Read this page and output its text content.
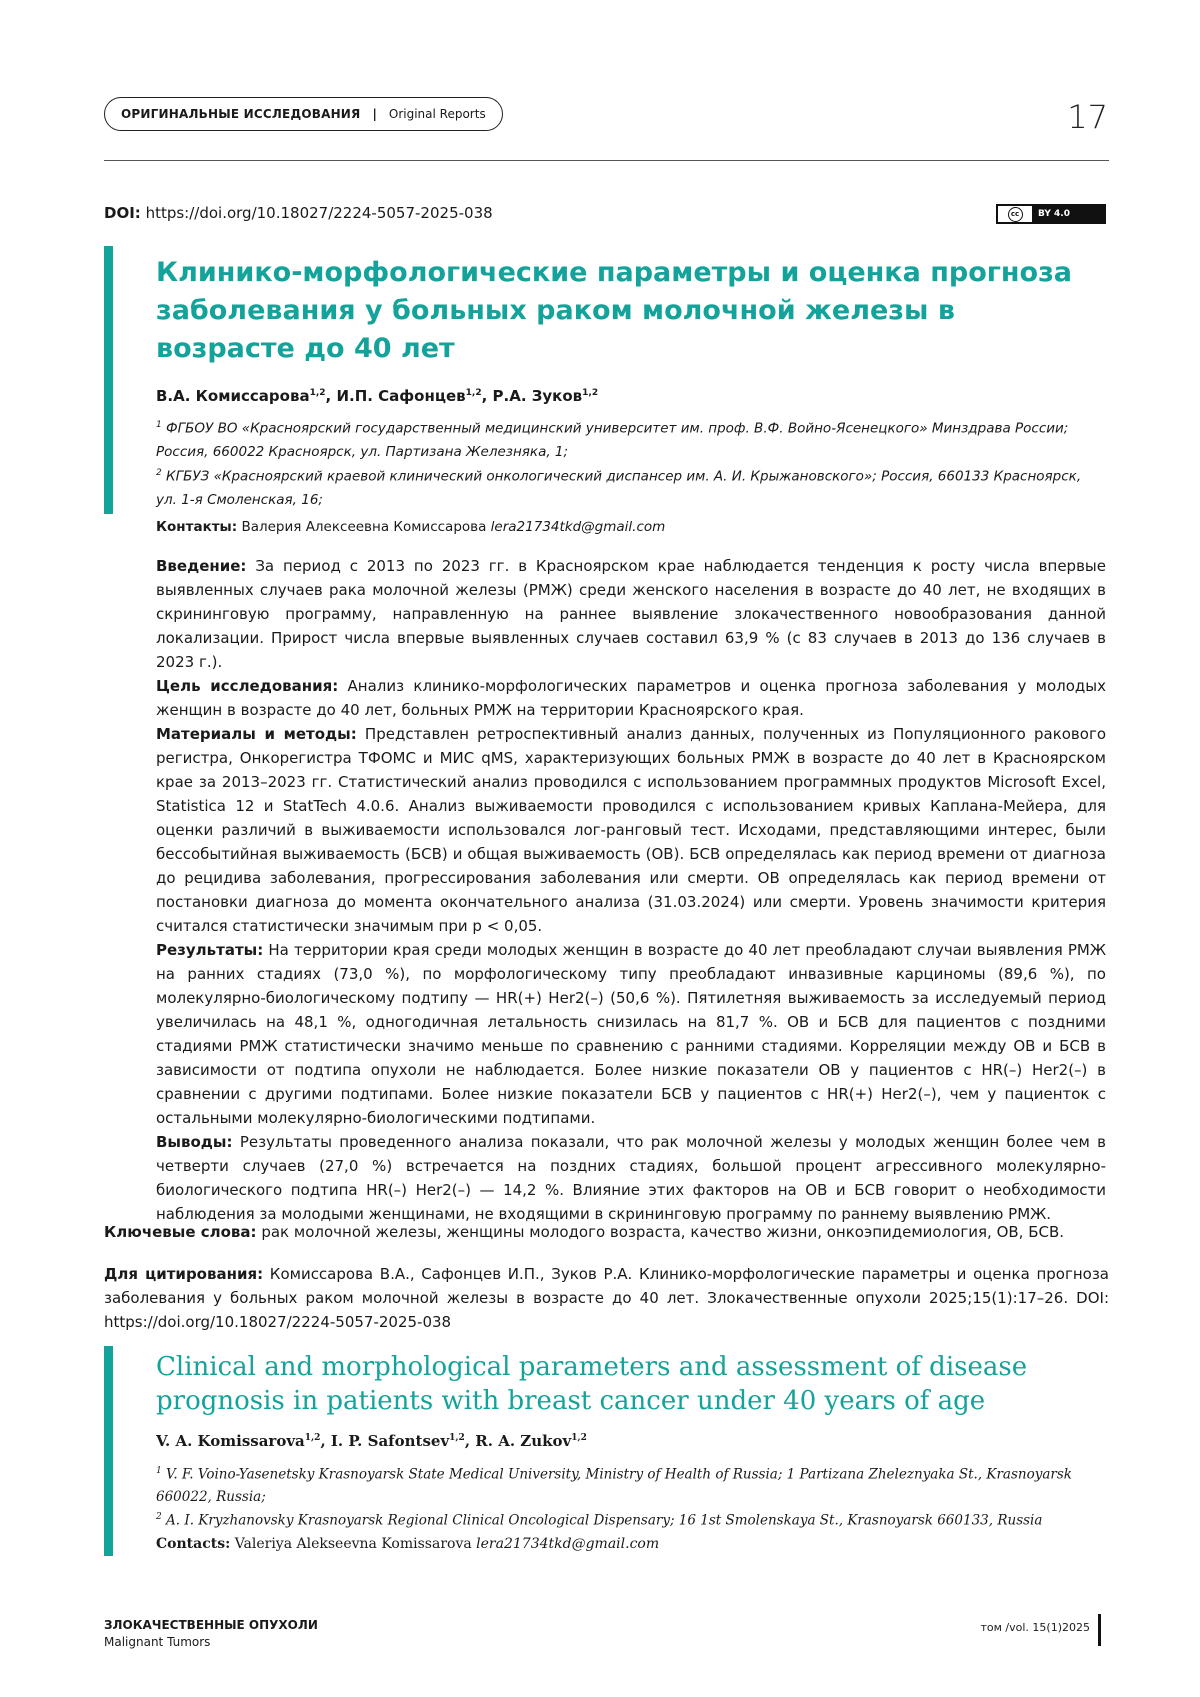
ОРИГИНАЛЬНЫЕ ИССЛЕДОВАНИЯ | Original Reports	17
DOI: https://doi.org/10.18027/2224-5057-2025-038	cc	BY 4.0
Клинико-морфологические параметры и оценка прогноза заболевания у больных раком молочной железы в возрасте до 40 лет
В.А. Комиссарова$^{1,2}$, И.П. Сафонцев$^{1,2}$, Р.А. Зуков$^{1,2}$
$^1$ ФГБОУ ВО «Красноярский государственный медицинский университет им. проф. В.Ф. Войно-Ясенецкого» Минздрава России; Россия, 660022 Красноярск, ул. Партизана Железняка, 1;
$^2$ КГБУЗ «Красноярский краевой клинический онкологический диспансер им. А. И. Крыжановского»; Россия, 660133 Красноярск, ул. 1-я Смоленская, 16;
Контакты: Валерия Алексеевна Комиссарова lera21734tkd@gmail.com

Введение: За период с 2013 по 2023 гг. в Красноярском крае наблюдается тенденция к росту числа впервые выявленных случаев рака молочной железы (РМЖ) среди женского населения в возрасте до 40 лет, не входящих в скрининговую программу, направленную на раннее выявление злокачественного новообразования данной локализации. Прирост числа впервые выявленных случаев составил 63,9 % (с 83 случаев в 2013 до 136 случаев в 2023 г.).

Цель исследования: Анализ клинико-морфологических параметров и оценка прогноза заболевания у молодых женщин в возрасте до 40 лет, больных РМЖ на территории Красноярского края.

Материалы и методы: Представлен ретроспективный анализ данных, полученных из Популяционного ракового регистра, Онкорегистра ТФОМС и МИС qMS, характеризующих больных РМЖ в возрасте до 40 лет в Красноярском крае за 2013–2023 гг. Статистический анализ проводился с использованием программных продуктов Microsoft Excel, Statistica 12 и StatTech 4.0.6. Анализ выживаемости проводился с использованием кривых Каплана-Мейера, для оценки различий в выживаемости использовался лог-ранговый тест. Исходами, представляющими интерес, были бессобытийная выживаемость (БСВ) и общая выживаемость (ОВ). БСВ определялась как период времени от диагноза до рецидива заболевания, прогрессирования заболевания или смерти. ОВ определялась как период времени от постановки диагноза до момента окончательного анализа (31.03.2024) или смерти. Уровень значимости критерия считался статистически значимым при p < 0,05.

Результаты: На территории края среди молодых женщин в возрасте до 40 лет преобладают случаи выявления РМЖ на ранних стадиях (73,0 %), по морфологическому типу преобладают инвазивные карциномы (89,6 %), по молекулярно-биологическому подтипу — HR(+) Her2(–) (50,6 %). Пятилетняя выживаемость за исследуемый период увеличилась на 48,1 %, одногодичная летальность снизилась на 81,7 %. ОВ и БСВ для пациентов с поздними стадиями РМЖ статистически значимо меньше по сравнению с ранними стадиями. Корреляции между ОВ и БСВ в зависимости от подтипа опухоли не наблюдается. Более низкие показатели ОВ у пациентов с HR(–) Her2(–) в сравнении с другими подтипами. Более низкие показатели БСВ у пациентов с HR(+) Her2(–), чем у пациенток с остальными молекулярно-биологическими подтипами.

Выводы: Результаты проведенного анализа показали, что рак молочной железы у молодых женщин более чем в четверти случаев (27,0 %) встречается на поздних стадиях, большой процент агрессивного молекулярно-биологического подтипа HR(–) Her2(–) — 14,2 %. Влияние этих факторов на ОВ и БСВ говорит о необходимости наблюдения за молодыми женщинами, не входящими в скрининговую программу по раннему выявлению РМЖ.

Ключевые слова: рак молочной железы, женщины молодого возраста, качество жизни, онкоэпидемиология, ОВ, БСВ.
Для цитирования: Комиссарова В.А., Сафонцев И.П., Зуков Р.А. Клинико-морфологические параметры и оценка прогноза заболевания у больных раком молочной железы в возрасте до 40 лет. Злокачественные опухоли 2025;15(1):17–26. DOI: https://doi.org/10.18027/2224-5057-2025-038
Clinical and morphological parameters and assessment of disease prognosis in patients with breast cancer under 40 years of age
V. A. Komissarova$^{1,2}$, I. P. Safontsev$^{1,2}$, R. A. Zukov$^{1,2}$
$^1$ V. F. Voino-Yasenetsky Krasnoyarsk State Medical University, Ministry of Health of Russia; 1 Partizana Zheleznyaka St., Krasnoyarsk 660022, Russia;
$^2$ A. I. Kryzhanovsky Krasnoyarsk Regional Clinical Oncological Dispensary; 16 1st Smolenskaya St., Krasnoyarsk 660133, Russia
Contacts: Valeriya Alekseevna Komissarova lera21734tkd@gmail.com
ЗЛОКАЧЕСТВЕННЫЕ ОПУХОЛИ
Malignant Tumors
том /vol. 15(1)2025
